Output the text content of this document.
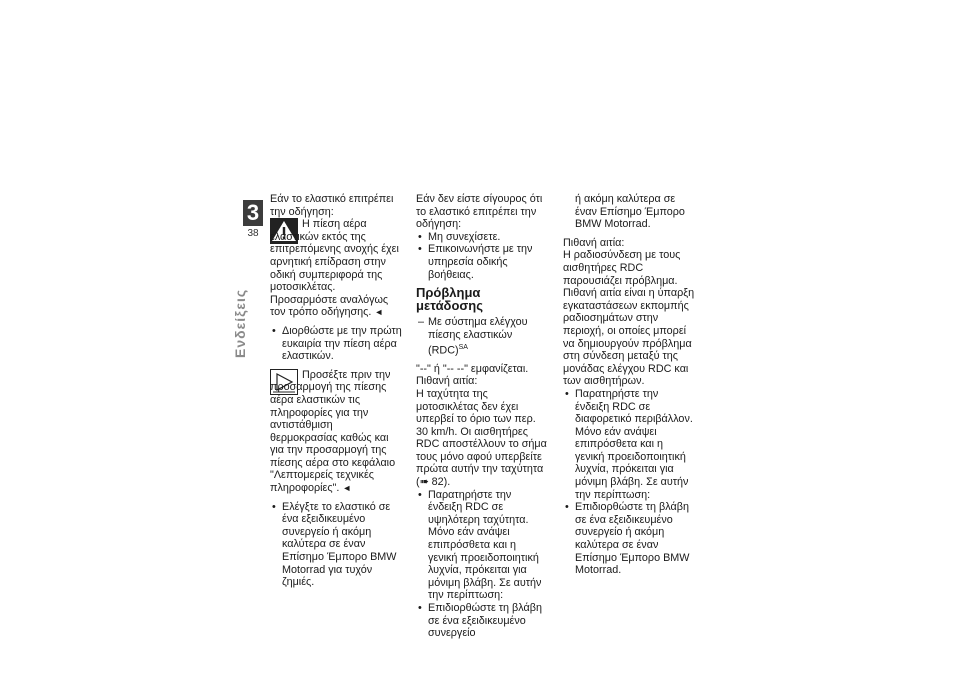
3
38
Ενδείξεις

Εάν το ελαστικό επιτρέπει την οδήγηση:

Η πίεση αέρα ελαστικών εκτός της επιτρεπόμενης ανοχής έχει αρνητική επίδραση στην οδική συμπεριφορά της μοτοσικλέτας.

Προσαρμόστε αναλόγως τον τρόπο οδήγησης. ◄

• Διορθώστε με την πρώτη ευκαιρία την πίεση αέρα ελαστικών.

Προσέξτε πριν την προσαρμογή της πίεσης αέρα ελαστικών τις πληροφορίες για την αντιστάθμιση θερμοκρασίας καθώς και για την προσαρμογή της πίεσης αέρα στο κεφάλαιο "Λεπτομερείς τεχνικές πληροφορίες". ◄

• Ελέγξτε το ελαστικό σε ένα εξειδικευμένο συνεργείο ή ακόμη καλύτερα σε έναν Επίσημο Έμπορο BMW Motorrad για τυχόν ζημιές.

Εάν δεν είστε σίγουρος ότι το ελαστικό επιτρέπει την οδήγηση:

• Μη συνεχίσετε.
• Επικοινωνήστε με την υπηρεσία οδικής βοήθειας.
Πρόβλημα μετάδοσης
– Με σύστημα ελέγχου πίεσης ελαστικών (RDC)$^{SA}$

"--" ή "-- --" εμφανίζεται.

Πιθανή αιτία:

Η ταχύτητα της μοτοσικλέτας δεν έχει υπερβεί το όριο των περ. 30 km/h. Οι αισθητήρες RDC αποστέλλουν το σήμα τους μόνο αφού υπερβείτε πρώτα αυτήν την ταχύτητα (➠ 82).

• Παρατηρήστε την ένδειξη RDC σε υψηλότερη ταχύτητα. Μόνο εάν ανάψει επιπρόσθετα και η γενική προειδοποιητική λυχνία, πρόκειται για μόνιμη βλάβη. Σε αυτήν την περίπτωση:
• Επιδιορθώστε τη βλάβη σε ένα εξειδικευμένο συνεργείο

ή ακόμη καλύτερα σε έναν Επίσημο Έμπορο BMW Motorrad.

Πιθανή αιτία:

Η ραδιοσύνδεση με τους αισθητήρες RDC παρουσιάζει πρόβλημα. Πιθανή αιτία είναι η ύπαρξη εγκαταστάσεων εκπομπής ραδιοσημάτων στην περιοχή, οι οποίες μπορεί να δημιουργούν πρόβλημα στη σύνδεση μεταξύ της μονάδας ελέγχου RDC και των αισθητήρων.

• Παρατηρήστε την ένδειξη RDC σε διαφορετικό περιβάλλον. Μόνο εάν ανάψει επιπρόσθετα και η γενική προειδοποιητική λυχνία, πρόκειται για μόνιμη βλάβη. Σε αυτήν την περίπτωση:
• Επιδιορθώστε τη βλάβη σε ένα εξειδικευμένο συνεργείο ή ακόμη καλύτερα σε έναν Επίσημο Έμπορο BMW Motorrad.
